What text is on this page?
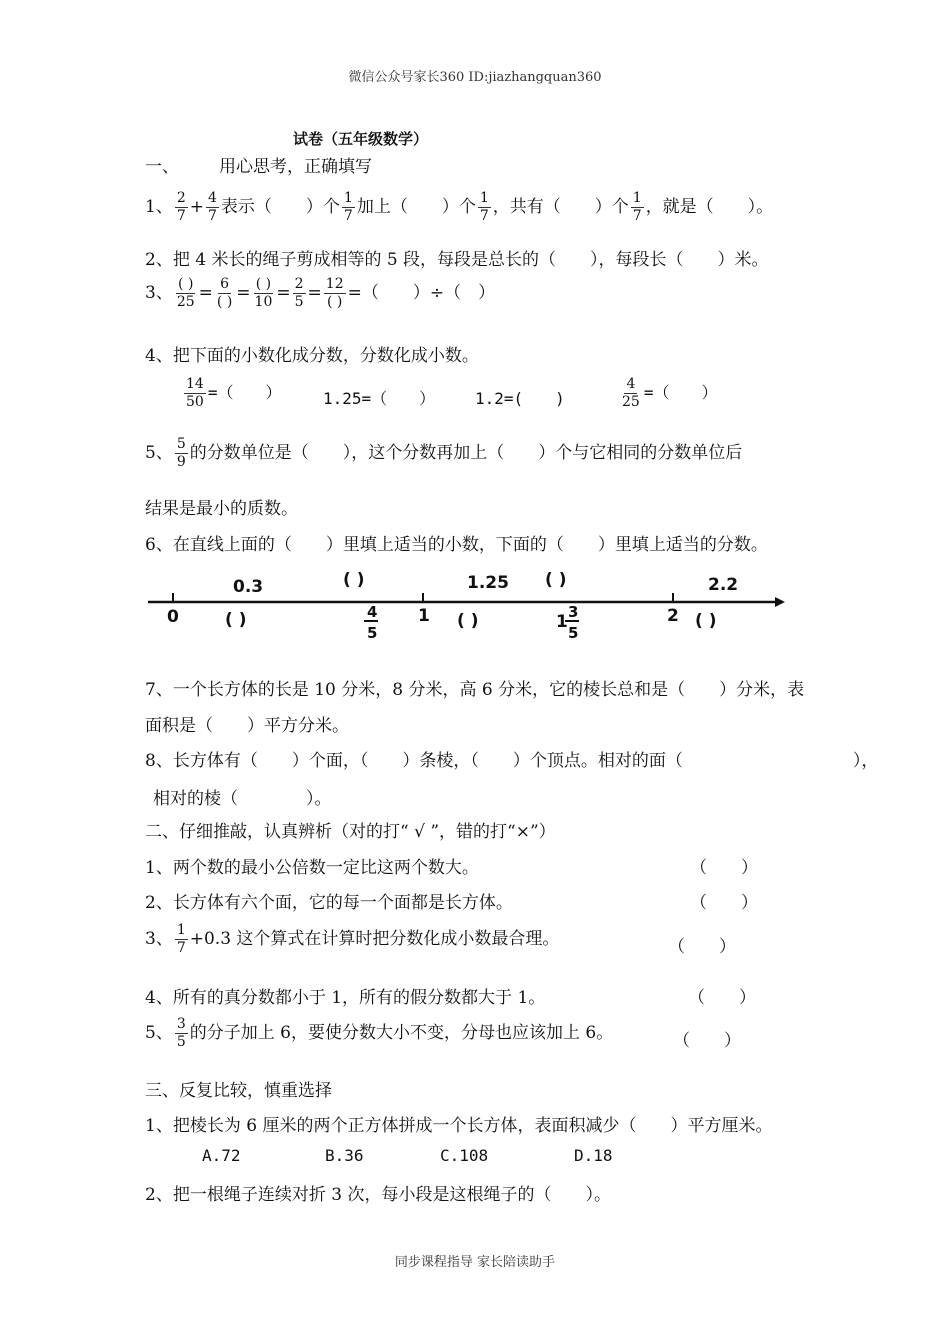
微信公众号家长360 ID:jiazhangquan360
试卷（五年级数学）
一、 用心思考，正确填写
1、 $\frac{2}{7} + \frac{4}{7}$ 表示（　　）个 $\frac{1}{7}$ 加上（　　）个 $\frac{1}{7}$ ，共有（　　）个 $\frac{1}{7}$ ，就是（　　）。
2、把 4 米长的绳子剪成相等的 5 段，每段是总长的（　　），每段长（　　）米。
3、 $\frac{( )}{25} = \frac{6}{( )} = \frac{( )}{10} = \frac{2}{5} = \frac{12}{( )}$ =（　　）÷（　）
4、把下面的小数化成分数，分数化成小数。
$\frac{14}{50}$ =（　　）	1.25=（　　） 1.2=(　　)	$\frac{4}{25}$ =（　　）
5、 $\frac{5}{9}$ 的分数单位是（　　），这个分数再加上（　　）个与它相同的分数单位后
结果是最小的质数。
6、在直线上面的（　　）里填上适当的小数，下面的（　　）里填上适当的分数。
0	1	2
0.3	( )	1.25 ( )	2.2
( )	4
5
( )	1 3
5
( )
7、一个长方体的长是 10 分米，8 分米，高 6 分米，它的棱长总和是（　　）分米，表
面积是（　　）平方分米。
8、长方体有（　　）个面，（　　）条棱，（　　）个顶点。相对的面（　　　　　　　　　　），
相对的棱（　　　　）。
二、仔细推敲，认真辨析（对的打“ √ ”，错的打“×”）
1、两个数的最小公倍数一定比这两个数大。	（　　）
2、长方体有六个面，它的每一个面都是长方体。	（　　）
3、 $\frac{1}{7} +0.3$ 这个算式在计算时把分数化成小数最合理。	（　　）
4、所有的真分数都小于 1，所有的假分数都大于 1。	（　　）
5、 $\frac{3}{5}$ 的分子加上 6，要使分数大小不变，分母也应该加上 6。	（　　）
三、反复比较，慎重选择
1、把棱长为 6 厘米的两个正方体拼成一个长方体，表面积减少（　　）平方厘米。
A.72	B.36	C.108	D.18
2、把一根绳子连续对折 3 次，每小段是这根绳子的（　　）。
同步课程指导 家长陪读助手
